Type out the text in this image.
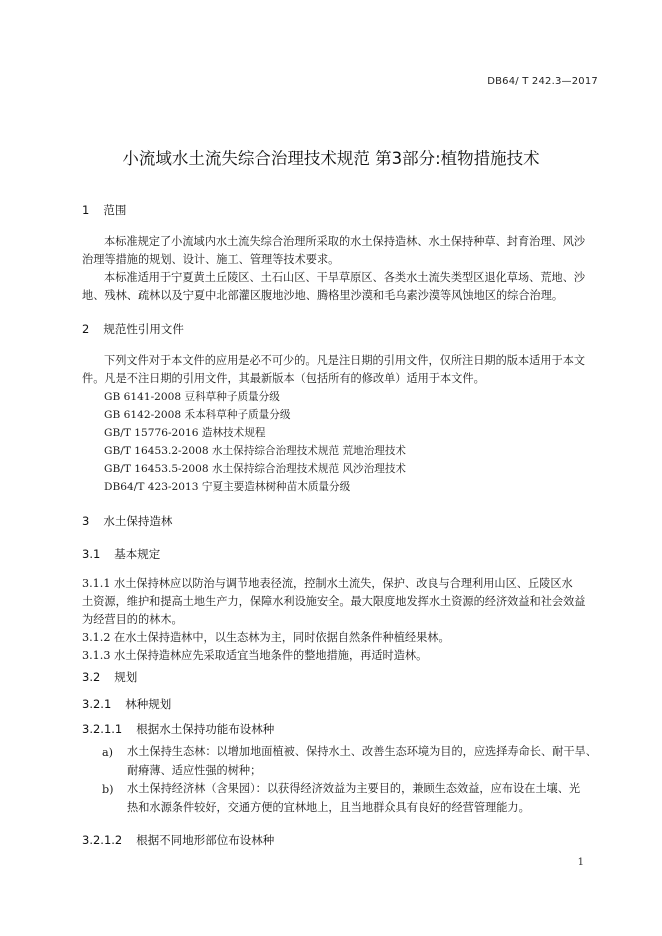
DB64/ T 242.3—2017
小流域水土流失综合治理技术规范 第3部分:植物措施技术
1 范围
本标准规定了小流域内水土流失综合治理所采取的水土保持造林、水土保持种草、封育治理、风沙
治理等措施的规划、设计、施工、管理等技术要求。
本标准适用于宁夏黄土丘陵区、土石山区、干旱草原区、各类水土流失类型区退化草场、荒地、沙
地、残林、疏林以及宁夏中北部灌区腹地沙地、腾格里沙漠和毛乌素沙漠等风蚀地区的综合治理。
2 规范性引用文件
下列文件对于本文件的应用是必不可少的。凡是注日期的引用文件，仅所注日期的版本适用于本文
件。凡是不注日期的引用文件，其最新版本（包括所有的修改单）适用于本文件。
GB 6141-2008 豆科草种子质量分级
GB 6142-2008 禾本科草种子质量分级
GB/T 15776-2016 造林技术规程
GB/T 16453.2-2008 水土保持综合治理技术规范 荒地治理技术
GB/T 16453.5-2008 水土保持综合治理技术规范 风沙治理技术
DB64/T 423-2013 宁夏主要造林树种苗木质量分级
3 水土保持造林
3.1 基本规定
3.1.1 水土保持林应以防治与调节地表径流，控制水土流失，保护、改良与合理利用山区、丘陵区水
土资源，维护和提高土地生产力，保障水利设施安全。最大限度地发挥水土资源的经济效益和社会效益
为经营目的的林木。
3.1.2 在水土保持造林中，以生态林为主，同时依据自然条件种植经果林。
3.1.3 水土保持造林应先采取适宜当地条件的整地措施，再适时造林。
3.2 规划
3.2.1 林种规划
3.2.1.1 根据水土保持功能布设林种
a) 水土保持生态林：以增加地面植被、保持水土、改善生态环境为目的，应选择寿命长、耐干旱、
耐瘠薄、适应性强的树种；
b) 水土保持经济林（含果园）：以获得经济效益为主要目的，兼顾生态效益，应布设在土壤、光
热和水源条件较好，交通方便的宜林地上，且当地群众具有良好的经营管理能力。
3.2.1.2 根据不同地形部位布设林种
1
